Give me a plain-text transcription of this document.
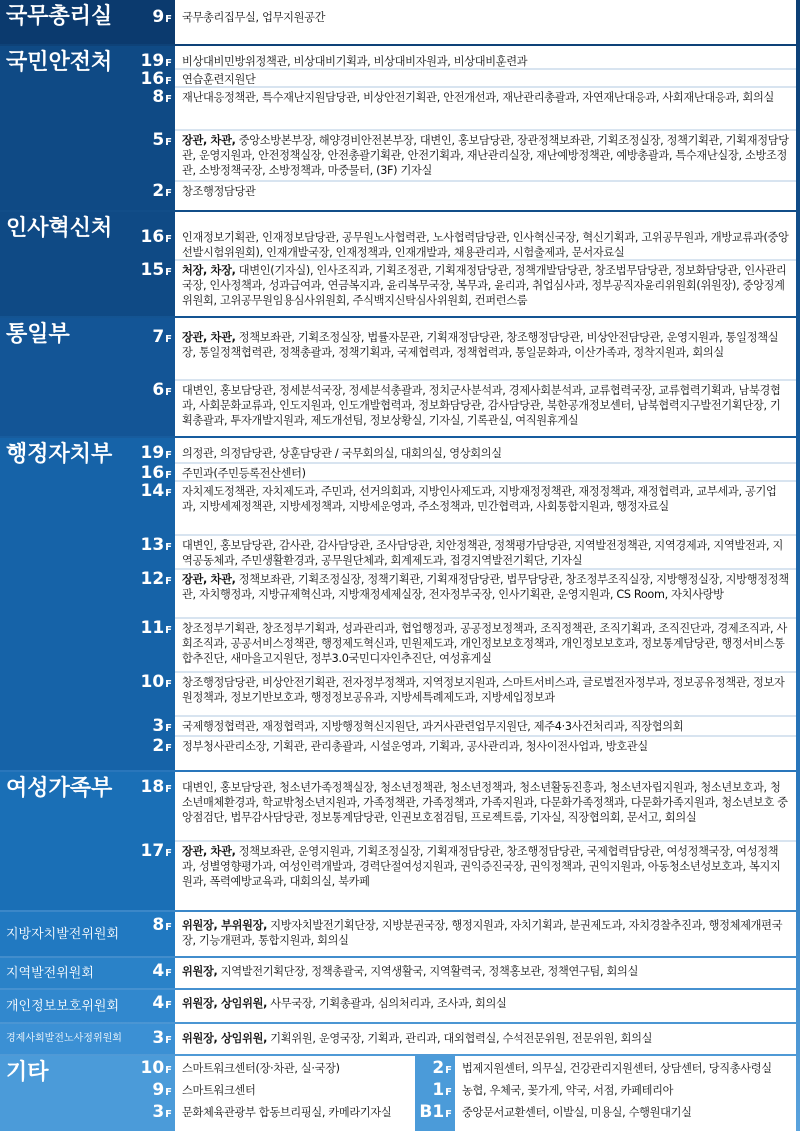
국무총리실	9F 국무총리집무실, 업무지원공간
국민안전처 19F 비상대비민방위정책관, 비상대비기획과, 비상대비자원과, 비상대비훈련과
16F 연습훈련지원단
8F 재난대응정책관, 특수재난지원담당관, 비상안전기획관, 안전개선과, 재난관리총괄과, 자연재난대응과, 사회재난대응과, 회의실
5F 장관, 차관, 중앙소방본부장, 해양경비안전본부장, 대변인, 홍보담당관, 장관정책보좌관, 기획조정실장, 정책기획관, 기획재정담당관, 운영지원과, 안전정책실장, 안전총괄기획관, 안전기획과, 재난관리실장, 재난예방정책관, 예방총괄과, 특수재난실장, 소방조정관, 소방정책국장, 소방정책과, 마중물터, (3F) 기자실
2F 창조행정담당관
인사혁신처 16F 인재정보기획관, 인재정보담당관, 공무원노사협력관, 노사협력담당관, 인사혁신국장, 혁신기획과, 고위공무원과, 개방교류과(중앙선발시험위원회), 인재개발국장, 인재정책과, 인재개발과, 채용관리과, 시험출제과, 문서자료실
15F 처장, 차장, 대변인(기자실), 인사조직과, 기획조정관, 기획재정담당관, 정책개발담당관, 창조법무담당관, 정보화담당관, 인사관리국장, 인사정책과, 성과급여과, 연금복지과, 윤리복무국장, 복무과, 윤리과, 취업심사과, 정부공직자윤리위원회(위원장), 중앙징계위원회, 고위공무원임용심사위원회, 주식백지신탁심사위원회, 컨퍼런스룸
통일부	7F 장관, 차관, 정책보좌관, 기획조정실장, 법률자문관, 기획재정담당관, 창조행정담당관, 비상안전담당관, 운영지원과, 통일정책실장, 통일정책협력관, 정책총괄과, 정책기획과, 국제협력과, 정책협력과, 통일문화과, 이산가족과, 정착지원과, 회의실
6F 대변인, 홍보담당관, 정세분석국장, 정세분석총괄과, 정치군사분석과, 경제사회분석과, 교류협력국장, 교류협력기획과, 남북경협과, 사회문화교류과, 인도지원과, 인도개발협력과, 정보화담당관, 감사담당관, 북한공개정보센터, 남북협력지구발전기획단장, 기획총괄과, 투자개발지원과, 제도개선팀, 정보상황실, 기자실, 기록관실, 여직원휴게실
행정자치부 19F 의정관, 의정담당관, 상훈담당관 / 국무회의실, 대회의실, 영상회의실
16F 주민과(주민등록전산센터)
14F 자치제도정책관, 자치제도과, 주민과, 선거의회과, 지방인사제도과, 지방재정정책관, 재정정책과, 재정협력과, 교부세과, 공기업과, 지방세제정책관, 지방세정책과, 지방세운영과, 주소정책과, 민간협력과, 사회통합지원과, 행정자료실
13F 대변인, 홍보담당관, 감사관, 감사담당관, 조사담당관, 치안정책관, 정책평가담당관, 지역발전정책관, 지역경제과, 지역발전과, 지역공동체과, 주민생활환경과, 공무원단체과, 회계제도과, 접경지역발전기획단, 기자실
12F 장관, 차관, 정책보좌관, 기획조정실장, 정책기획관, 기획재정담당관, 법무담당관, 창조정부조직실장, 지방행정실장, 지방행정정책관, 자치행정과, 지방규제혁신과, 지방재정세제실장, 전자정부국장, 인사기획관, 운영지원과, CS Room, 자치사랑방
11F 창조정부기획관, 창조정부기획과, 성과관리과, 협업행정과, 공공정보정책과, 조직정책관, 조직기획과, 조직진단과, 경제조직과, 사회조직과, 공공서비스정책관, 행정제도혁신과, 민원제도과, 개인정보보호정책과, 개인정보보호과, 정보통계담당관, 행정서비스통합추진단, 새마을고지원단, 정부3.0국민디자인추진단, 여성휴게실
10F 창조행정담당관, 비상안전기획관, 전자정부정책과, 지역정보지원과, 스마트서비스과, 글로벌전자정부과, 정보공유정책관, 정보자원정책과, 정보기반보호과, 행정정보공유과, 지방세특례제도과, 지방세입정보과
3F 국제행정협력관, 재정협력과, 지방행정혁신지원단, 과거사관련업무지원단, 제주4·3사건처리과, 직장협의회
2F 정부청사관리소장, 기획관, 관리총괄과, 시설운영과, 기획과, 공사관리과, 청사이전사업과, 방호관실
여성가족부 18F 대변인, 홍보담당관, 청소년가족정책실장, 청소년정책관, 청소년정책과, 청소년활동진흥과, 청소년자립지원과, 청소년보호과, 청소년매체환경과, 학교밖청소년지원과, 가족정책관, 가족정책과, 가족지원과, 다문화가족정책과, 다문화가족지원과, 청소년보호 중앙점검단, 법무감사담당관, 정보통계담당관, 인권보호점검팀, 프로젝트룸, 기자실, 직장협의회, 문서고, 회의실
17F 장관, 차관, 정책보좌관, 운영지원과, 기획조정실장, 기획재정담당관, 창조행정담당관, 국제협력담당관, 여성정책국장, 여성정책과, 성별영향평가과, 여성인력개발과, 경력단절여성지원과, 권익증진국장, 권익정책과, 권익지원과, 아동청소년성보호과, 복지지원과, 폭력예방교육과, 대회의실, 북카페
지방자치발전위원회	8F 위원장, 부위원장, 지방자치발전기획단장, 지방분권국장, 행정지원과, 자치기획과, 분권제도과, 자치경찰추진과, 행정체제개편국장, 기능개편과, 통합지원과, 회의실
지역발전위원회	4F 위원장, 지역발전기획단장, 정책총괄국, 지역생활국, 지역활력국, 정책홍보관, 정책연구팀, 회의실
개인정보보호위원회	4F 위원장, 상임위원, 사무국장, 기획총괄과, 심의처리과, 조사과, 회의실
경제사회발전노사정위원회	3F 위원장, 상임위원, 기획위원, 운영국장, 기획과, 관리과, 대외협력실, 수석전문위원, 전문위원, 회의실
기타	10F 스마트워크센터(장·차관, 실·국장)
9F 스마트워크센터
3F 문화체육관광부 합동브리핑실, 카메라기자실
2F 법제지원센터, 의무실, 건강관리지원센터, 상담센터, 당직총사령실
1F 농협, 우체국, 꽃가게, 약국, 서점, 카페테리아
B1F 중앙문서교환센터, 이발실, 미용실, 수행원대기실
